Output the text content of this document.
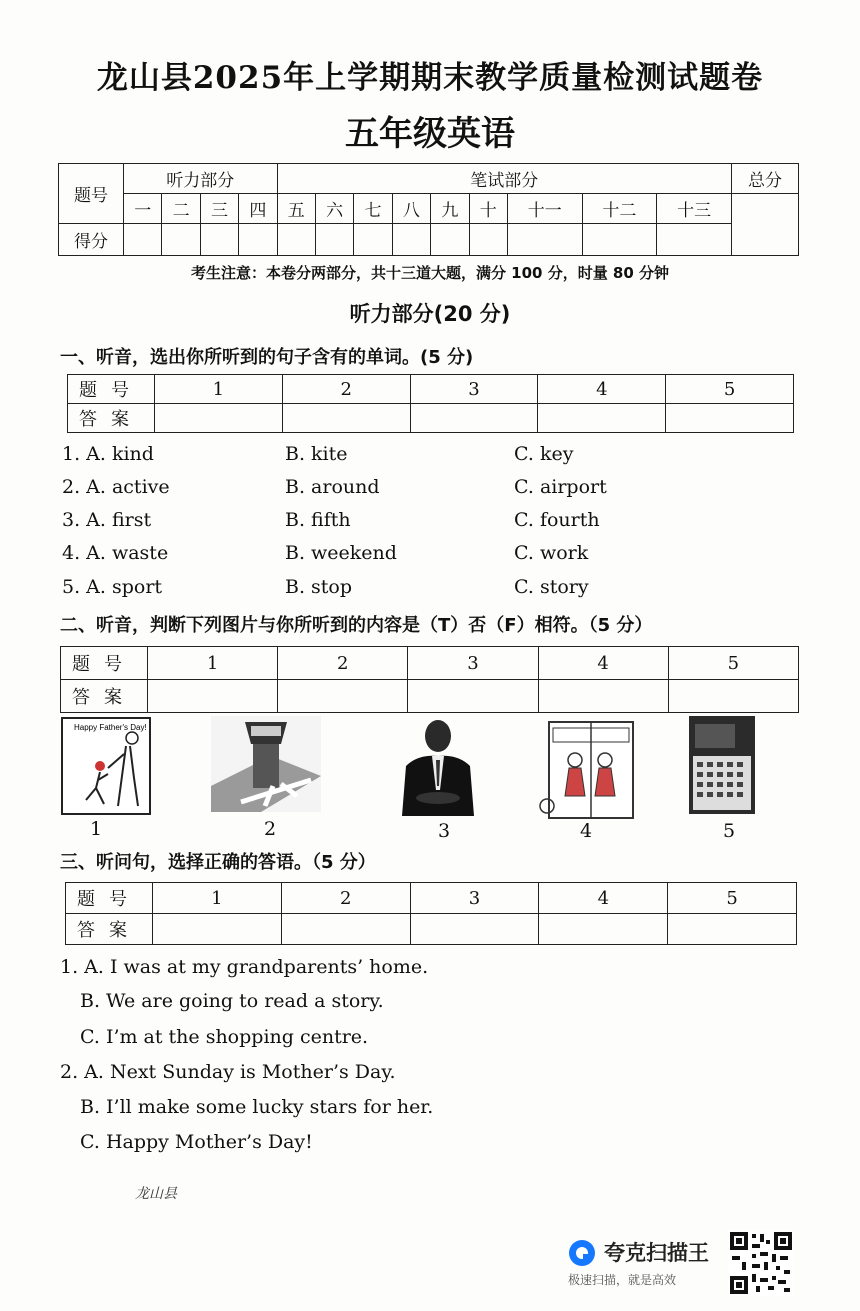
龙山县2025年上学期期末教学质量检测试题卷
五年级英语
题号	听力部分				笔试部分									总分
	一	二	三	四	五	六	七	八	九	十	十一	十二	十三	
得分														
考生注意：本卷分两部分，共十三道大题，满分 100 分，时量 80 分钟
听力部分(20 分)
一、听音，选出你所听到的句子含有的单词。(5 分)
题号	1	2	3	4	5
答案					
1. A. kind	B. kite	C. key
2. A. active	B. around	C. airport
3. A. first	B. fifth	C. fourth
4. A. waste	B. weekend	C. work
5. A. sport	B. stop	C. story
二、听音，判断下列图片与你所听到的内容是（T）否（F）相符。（5 分）
题号	1	2	3	4	5
答案					
Happy Father's Day!
1	2	3	4	5
三、听问句，选择正确的答语。（5 分）
题号	1	2	3	4	5
答案					
1. A. I was at my grandparents’ home.
B. We are going to read a story.
C. I’m at the shopping centre.
2. A. Next Sunday is Mother’s Day.
B. I’ll make some lucky stars for her.
C. Happy Mother’s Day!
龙山县
夸克扫描王
极速扫描，就是高效
